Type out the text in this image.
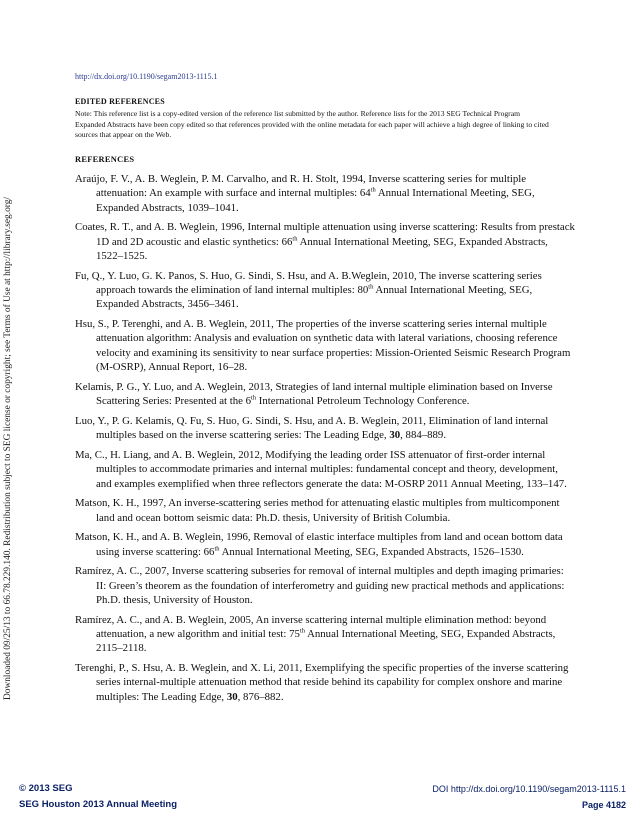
Downloaded 09/25/13 to 66.78.229.140. Redistribution subject to SEG license or copyright; see Terms of Use at http://library.seg.org/
http://dx.doi.org/10.1190/segam2013-1115.1
EDITED REFERENCES
Note: This reference list is a copy-edited version of the reference list submitted by the author. Reference lists for the 2013 SEG Technical Program Expanded Abstracts have been copy edited so that references provided with the online metadata for each paper will achieve a high degree of linking to cited sources that appear on the Web.
REFERENCES
Araújo, F. V., A. B. Weglein, P. M. Carvalho, and R. H. Stolt, 1994, Inverse scattering series for multiple attenuation: An example with surface and internal multiples: 64th Annual International Meeting, SEG, Expanded Abstracts, 1039–1041.
Coates, R. T., and A. B. Weglein, 1996, Internal multiple attenuation using inverse scattering: Results from prestack 1D and 2D acoustic and elastic synthetics: 66th Annual International Meeting, SEG, Expanded Abstracts, 1522–1525.
Fu, Q., Y. Luo, G. K. Panos, S. Huo, G. Sindi, S. Hsu, and A. B.Weglein, 2010, The inverse scattering series approach towards the elimination of land internal multiples: 80th Annual International Meeting, SEG, Expanded Abstracts, 3456–3461.
Hsu, S., P. Terenghi, and A. B. Weglein, 2011, The properties of the inverse scattering series internal multiple attenuation algorithm: Analysis and evaluation on synthetic data with lateral variations, choosing reference velocity and examining its sensitivity to near surface properties: Mission-Oriented Seismic Research Program (M-OSRP), Annual Report, 16–28.
Kelamis, P. G., Y. Luo, and A. Weglein, 2013, Strategies of land internal multiple elimination based on Inverse Scattering Series: Presented at the 6th International Petroleum Technology Conference.
Luo, Y., P. G. Kelamis, Q. Fu, S. Huo, G. Sindi, S. Hsu, and A. B. Weglein, 2011, Elimination of land internal multiples based on the inverse scattering series: The Leading Edge, 30, 884–889.
Ma, C., H. Liang, and A. B. Weglein, 2012, Modifying the leading order ISS attenuator of first-order internal multiples to accommodate primaries and internal multiples: fundamental concept and theory, development, and examples exemplified when three reflectors generate the data: M-OSRP 2011 Annual Meeting, 133–147.
Matson, K. H., 1997, An inverse-scattering series method for attenuating elastic multiples from multicomponent land and ocean bottom seismic data: Ph.D. thesis, University of British Columbia.
Matson, K. H., and A. B. Weglein, 1996, Removal of elastic interface multiples from land and ocean bottom data using inverse scattering: 66th Annual International Meeting, SEG, Expanded Abstracts, 1526–1530.
Ramírez, A. C., 2007, Inverse scattering subseries for removal of internal multiples and depth imaging primaries: II: Green’s theorem as the foundation of interferometry and guiding new practical methods and applications: Ph.D. thesis, University of Houston.
Ramírez, A. C., and A. B. Weglein, 2005, An inverse scattering internal multiple elimination method: beyond attenuation, a new algorithm and initial test: 75th Annual International Meeting, SEG, Expanded Abstracts, 2115–2118.
Terenghi, P., S. Hsu, A. B. Weglein, and X. Li, 2011, Exemplifying the specific properties of the inverse scattering series internal-multiple attenuation method that reside behind its capability for complex onshore and marine multiples: The Leading Edge, 30, 876–882.
© 2013 SEG
SEG Houston 2013 Annual Meeting
DOI http://dx.doi.org/10.1190/segam2013-1115.1
Page 4182
